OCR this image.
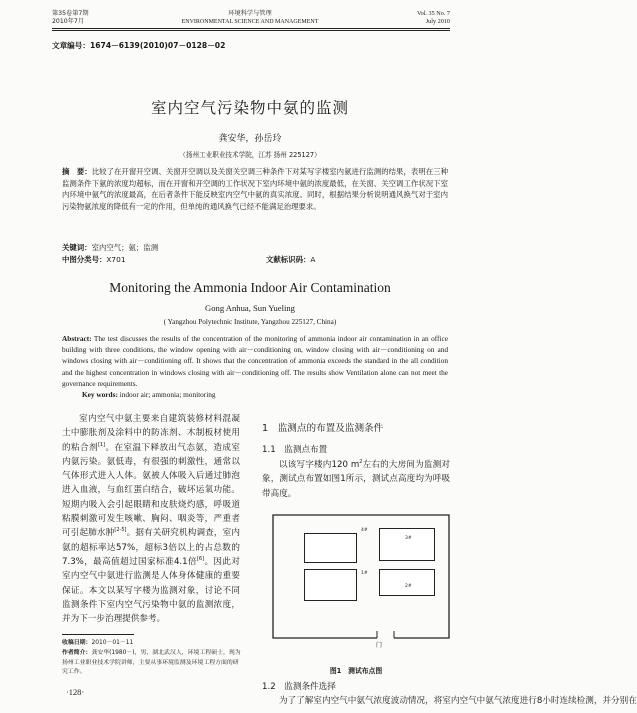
第35卷第7期
2010年7月
环境科学与管理
ENVIRONMENTAL SCIENCE AND MANAGEMENT
Vol. 35 No. 7
July 2010
文章编号：1674－6139(2010)07－0128－02
室内空气污染物中氨的监测
龚安华，孙岳玲
（扬州工业职业技术学院，江苏 扬州 225127）
摘　要：比较了在开窗开空调、关窗开空调以及关窗关空调三种条件下对某写字楼室内氨进行监测的结果，表明在三种监测条件下氨的浓度均超标，而在开窗和开空调的工作状况下室内环境中氨的浓度最低，在关窗、关空调工作状况下室内环境中氨气的浓度最高，在后者条件下能反映室内空气中氨的真实浓度。同时，根据结果分析说明通风换气对于室内污染物氨浓度的降低有一定的作用，但单纯的通风换气已经不能满足治理要求。
关键词：室内空气；氨；监测
中图分类号：X701	文献标识码：A
Monitoring the Ammonia Indoor Air Contamination
Gong Anhua, Sun Yueling
( Yangzhou Polytechnic Institute, Yangzhou 225127, China)
Abstract: The test discusses the results of the concentration of the monitoring of ammonia indoor air contamination in an office building with three conditions, the window opening with air－conditioning on, window closing with air－conditioning on and windows closing with air－conditioning off. It shows that the concentration of ammonia exceeds the standard in the all condition and the highest concentration in windows closing with air－conditioning off. The results show Ventilation alone can not meet the governance requirements.
Key words: indoor air; ammonia; monitoring
室内空气中氨主要来自建筑装修材料混凝土中膨胀剂及涂料中的防冻剂、木制板材使用的粘合剂[1]。在室温下释放出气态氨，造成室内氨污染。氨低毒，有很强的刺激性，通常以气体形式进入人体。氨被人体吸入后通过肺泡进入血液，与血红蛋白结合，破坏运氧功能。短期内吸入会引起眼睛和皮肤烧灼感，呼吸道粘膜刺激可发生咳嗽、胸闷、咽炎等，严重者可引起肺水肿[2-5]。据有关研究机构调查，室内氨的超标率达57%，超标3倍以上的占总数的7.3%，最高值超过国家标准4.1倍[6]。因此对室内空气中氨进行监测是人体身体健康的重要保证。本文以某写字楼为监测对象，讨论不同监测条件下室内空气污染物中氨的监测浓度，并为下一步治理提供参考。
收稿日期：2010－01－11
作者简介：龚安华(1980－)，男，湖北武汉人，环境工程硕士，现为扬州工业职业技术学院讲师，主要从事环境监测及环境工程方面的研究工作。
·128·
1　监测点的布置及监测条件
1.1　监测点布置
以该写字楼内120 $m^2$左右的大房间为监测对象，测试点布置如图1所示，测试点高度均为呼吸带高度。
4#
3#
1#
2#
门
图1　测试布点图
1.2　监测条件选择
为了了解室内空气中氨气浓度波动情况，将室内空气中氨气浓度进行8小时连续检测，并分别在
